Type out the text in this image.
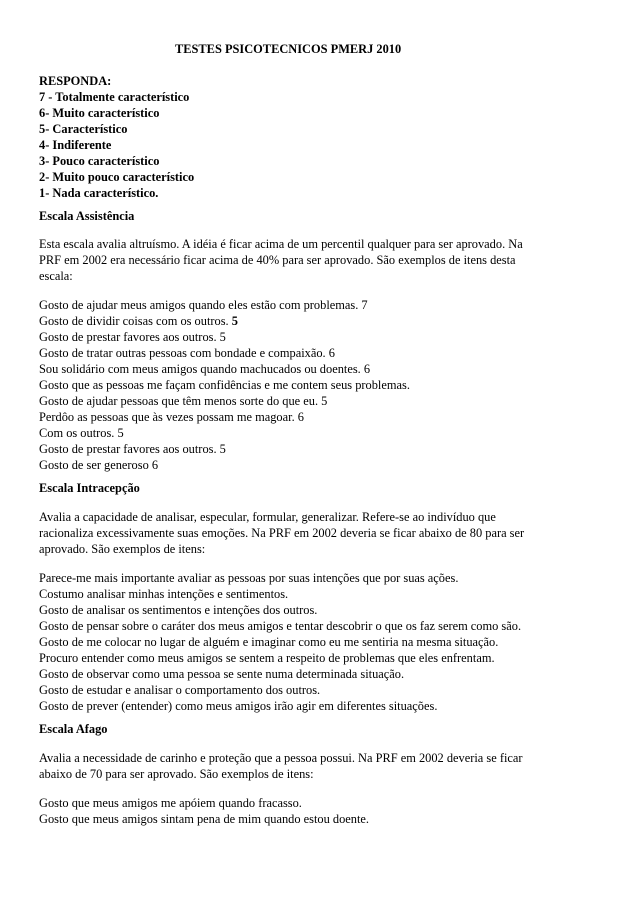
TESTES PSICOTECNICOS PMERJ 2010
RESPONDA:
7 - Totalmente característico
6- Muito característico
5- Característico
4- Indiferente
3- Pouco característico
2- Muito pouco característico
1- Nada característico.
Escala Assistência
Esta escala avalia altruísmo. A idéia é ficar acima de um percentil qualquer para ser aprovado. Na
PRF em 2002 era necessário ficar acima de 40% para ser aprovado. São exemplos de itens desta
escala:
Gosto de ajudar meus amigos quando eles estão com problemas. 7
Gosto de dividir coisas com os outros. 5
Gosto de prestar favores aos outros. 5
Gosto de tratar outras pessoas com bondade e compaixão. 6
Sou solidário com meus amigos quando machucados ou doentes. 6
Gosto que as pessoas me façam confidências e me contem seus problemas.
Gosto de ajudar pessoas que têm menos sorte do que eu. 5
Perdôo as pessoas que às vezes possam me magoar. 6
Com os outros. 5
Gosto de prestar favores aos outros. 5
Gosto de ser generoso 6
Escala Intracepção
Avalia a capacidade de analisar, especular, formular, generalizar. Refere-se ao indivíduo que
racionaliza excessivamente suas emoções. Na PRF em 2002 deveria se ficar abaixo de 80 para ser
aprovado. São exemplos de itens:
Parece-me mais importante avaliar as pessoas por suas intenções que por suas ações.
Costumo analisar minhas intenções e sentimentos.
Gosto de analisar os sentimentos e intenções dos outros.
Gosto de pensar sobre o caráter dos meus amigos e tentar descobrir o que os faz serem como são.
Gosto de me colocar no lugar de alguém e imaginar como eu me sentiria na mesma situação.
Procuro entender como meus amigos se sentem a respeito de problemas que eles enfrentam.
Gosto de observar como uma pessoa se sente numa determinada situação.
Gosto de estudar e analisar o comportamento dos outros.
Gosto de prever (entender) como meus amigos irão agir em diferentes situações.
Escala Afago
Avalia a necessidade de carinho e proteção que a pessoa possui. Na PRF em 2002 deveria se ficar
abaixo de 70 para ser aprovado. São exemplos de itens:
Gosto que meus amigos me apóiem quando fracasso.
Gosto que meus amigos sintam pena de mim quando estou doente.
